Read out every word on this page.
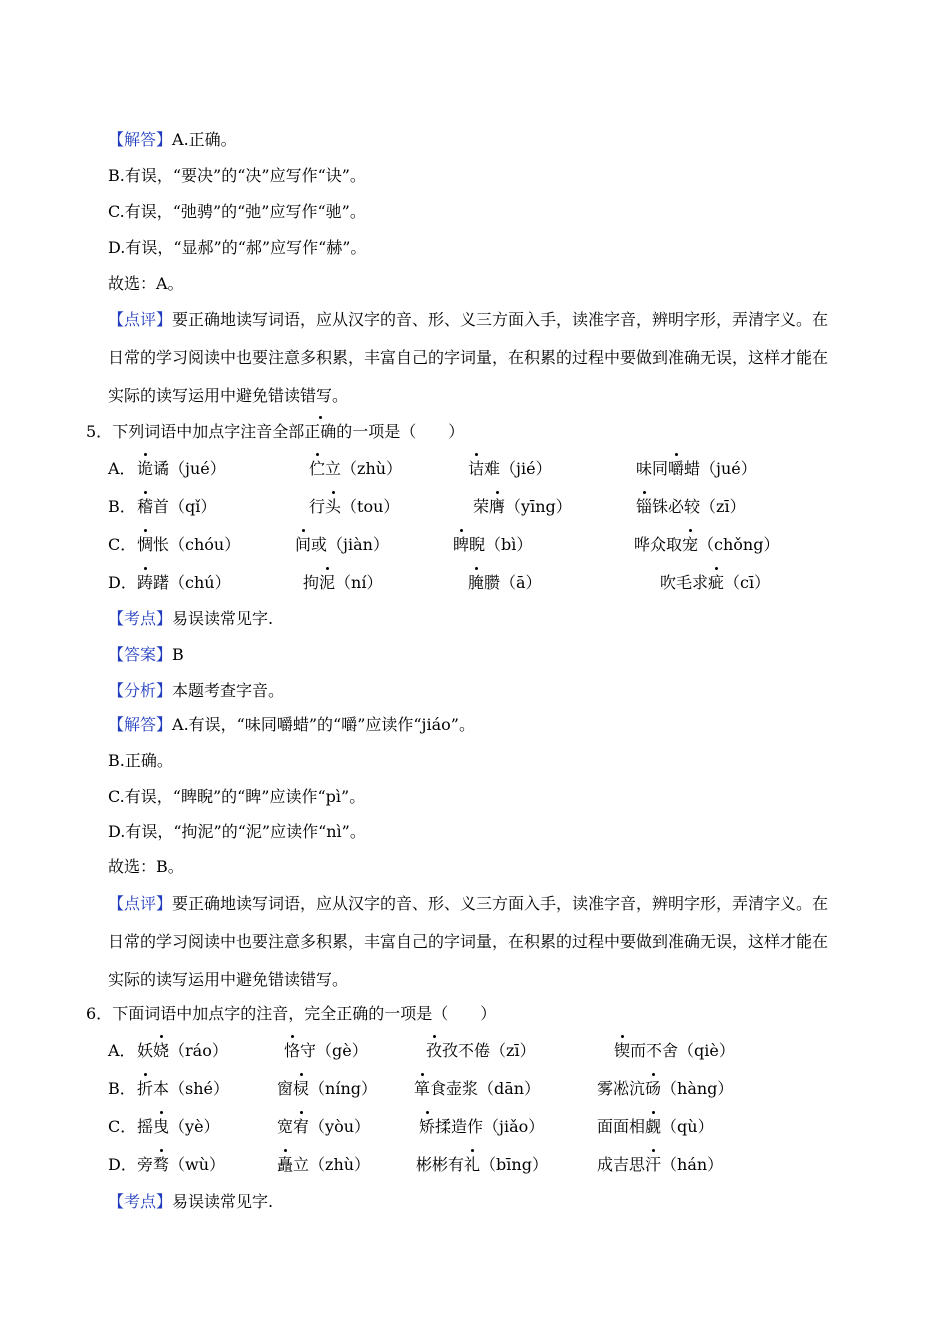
【解答】A.正确。
B.有误，“要决”的“决”应写作“诀”。
C.有误，“弛骋”的“弛”应写作“驰”。
D.有误，“显郝”的“郝”应写作“赫”。
故选：A。
【点评】要正确地读写词语，应从汉字的音、形、义三方面入手，读准字音，辨明字形，弄清字义。在
日常的学习阅读中也要注意多积累，丰富自己的字词量，在积累的过程中要做到准确无误，这样才能在
实际的读写运用中避免错读错写。
5．下列词语中加点字注音全部正确的一项是（　　）
A． 诡谲（jué）	伫立（zhù）	诘难（jié）	味同嚼蜡（jué）
B． 稽首（qǐ）	行头（tou）	荣膺（yīng）	锱铢必较（zī）
C． 惆怅（chóu）	间或（jiàn）	睥睨（bì）	哗众取宠（chǒng）
D． 踌躇（chú）	拘泥（ní）	腌臜（ā）	吹毛求疵（cī）
【考点】易误读常见字.
【答案】B
【分析】本题考查字音。
【解答】A.有误，“味同嚼蜡”的“嚼”应读作“jiáo”。
B.正确。
C.有误，“睥睨”的“睥”应读作“pì”。
D.有误，“拘泥”的“泥”应读作“nì”。
故选：B。
【点评】要正确地读写词语，应从汉字的音、形、义三方面入手，读准字音，辨明字形，弄清字义。在
日常的学习阅读中也要注意多积累，丰富自己的字词量，在积累的过程中要做到准确无误，这样才能在
实际的读写运用中避免错读错写。
6．下面词语中加点字的注音，完全正确的一项是（　　）
A． 妖娆（ráo）	恪守（gè）	孜孜不倦（zī）	锲而不舍（qiè）
B． 折本（shé）	窗棂（níng） 箪食壶浆（dān）	雾凇沆砀（hàng）
C． 摇曳（yè）	宽宥（yòu）	矫揉造作（jiǎo）	面面相觑（qù）
D． 旁骛（wù）	矗立（zhù）	彬彬有礼（bīng）	成吉思汗（hán）
【考点】易误读常见字.
